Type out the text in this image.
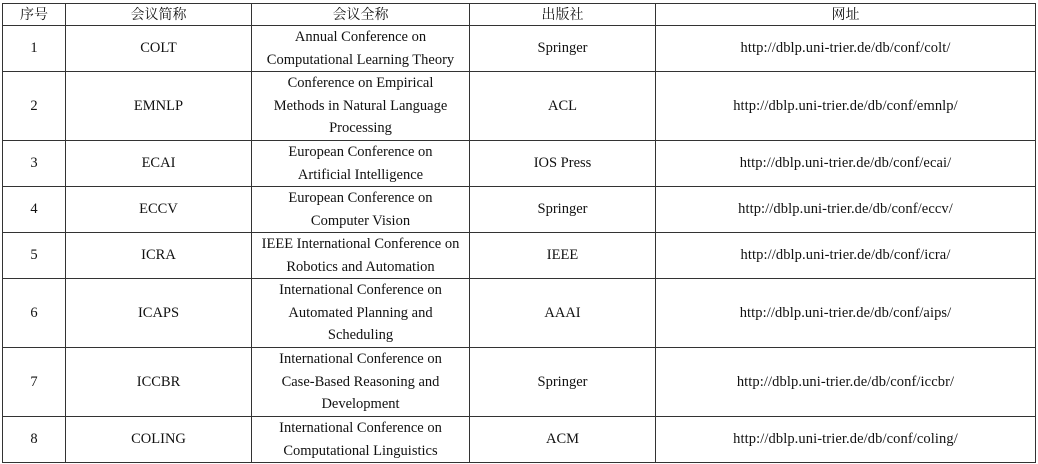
序号	会议简称	会议全称	出版社	网址
1	COLT	Annual Conference on
Computational Learning Theory	Springer	http://dblp.uni-trier.de/db/conf/colt/
2	EMNLP	Conference on Empirical
Methods in Natural Language
Processing	ACL	http://dblp.uni-trier.de/db/conf/emnlp/
3	ECAI	European Conference on
Artificial Intelligence	IOS Press	http://dblp.uni-trier.de/db/conf/ecai/
4	ECCV	European Conference on
Computer Vision	Springer	http://dblp.uni-trier.de/db/conf/eccv/
5	ICRA	IEEE International Conference on
Robotics and Automation	IEEE	http://dblp.uni-trier.de/db/conf/icra/
6	ICAPS	International Conference on
Automated Planning and
Scheduling	AAAI	http://dblp.uni-trier.de/db/conf/aips/
7	ICCBR	International Conference on
Case-Based Reasoning and
Development	Springer	http://dblp.uni-trier.de/db/conf/iccbr/
8	COLING	International Conference on
Computational Linguistics	ACM	http://dblp.uni-trier.de/db/conf/coling/
